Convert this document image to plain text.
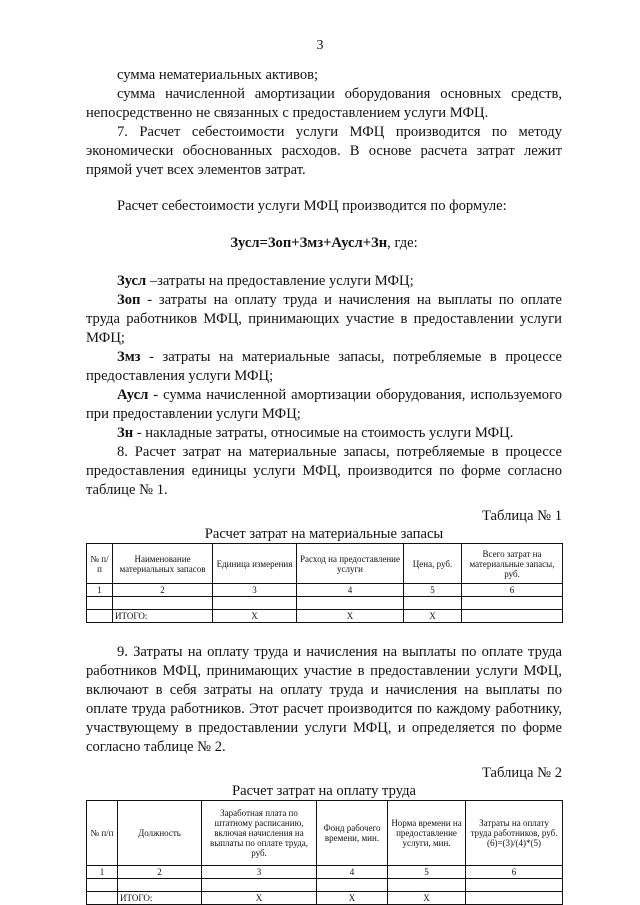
3

сумма нематериальных активов;

сумма начисленной амортизации оборудования основных средств, непосредственно не связанных с предоставлением услуги МФЦ.

7. Расчет себестоимости услуги МФЦ производится по методу экономически обоснованных расходов. В основе расчета затрат лежит прямой учет всех элементов затрат.

Расчет себестоимости услуги МФЦ производится по формуле:

Зусл=Зоп+Змз+Аусл+Зн, где:

Зусл –затраты на предоставление услуги МФЦ;

Зоп - затраты на оплату труда и начисления на выплаты по оплате труда работников МФЦ, принимающих участие в предоставлении услуги МФЦ;

Змз - затраты на материальные запасы, потребляемые в процессе предоставления услуги МФЦ;

Аусл - сумма начисленной амортизации оборудования, используемого при предоставлении услуги МФЦ;

Зн - накладные затраты, относимые на стоимость услуги МФЦ.

8. Расчет затрат на материальные запасы, потребляемые в процессе предоставления единицы услуги МФЦ, производится по форме согласно таблице № 1.

Таблица № 1

Расчет затрат на материальные запасы

№ п/п	Наименование материальных запасов	Единица измерения	Расход на предоставление услуги	Цена, руб.	Всего затрат на материальные запасы, руб.
1	2	3	4	5	6

	ИТОГО:	Х	Х	Х	

9. Затраты на оплату труда и начисления на выплаты по оплате труда работников МФЦ, принимающих участие в предоставлении услуги МФЦ, включают в себя затраты на оплату труда и начисления на выплаты по оплате труда работников. Этот расчет производится по каждому работнику, участвующему в предоставлении услуги МФЦ, и определяется по форме согласно таблице № 2.

Таблица № 2

Расчет затрат на оплату труда

№ п/п	Должность	Заработная плата по штатному расписанию, включая начисления на выплаты по оплате труда, руб.	Фонд рабочего времени, мин.	Норма времени на предоставление услуги, мин.	Затраты на оплату труда работников, руб. (6)=(3)/(4)*(5)
1	2	3	4	5	6

	ИТОГО:	Х	Х	Х	
